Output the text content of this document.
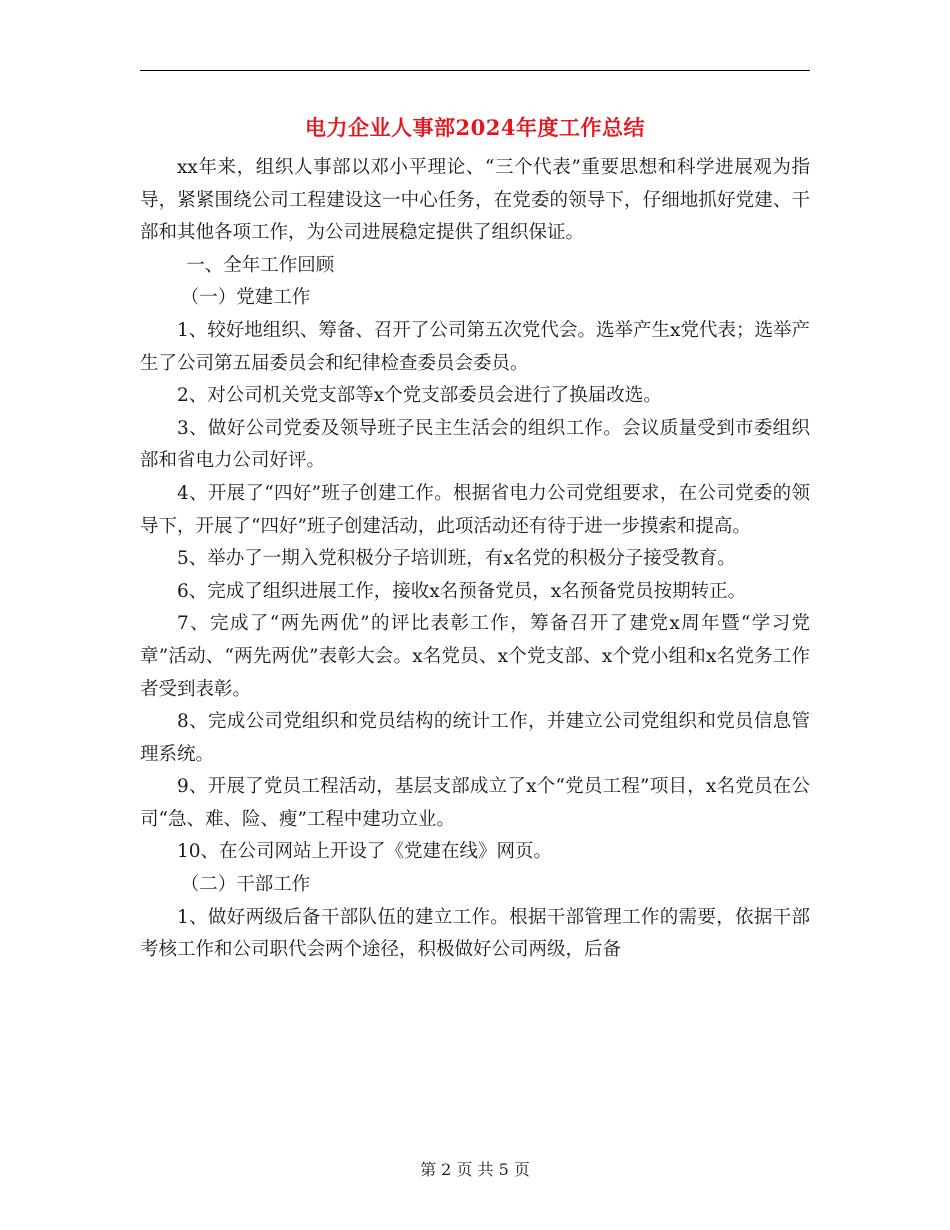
电力企业人事部2024年度工作总结

xx年来，组织人事部以邓小平理论、“三个代表”重要思想和科学进展观为指导，紧紧围绕公司工程建设这一中心任务，在党委的领导下，仔细地抓好党建、干部和其他各项工作，为公司进展稳定提供了组织保证。

一、全年工作回顾

（一）党建工作

1、较好地组织、筹备、召开了公司第五次党代会。选举产生x党代表；选举产生了公司第五届委员会和纪律检查委员会委员。

2、对公司机关党支部等x个党支部委员会进行了换届改选。

3、做好公司党委及领导班子民主生活会的组织工作。会议质量受到市委组织部和省电力公司好评。

4、开展了“四好”班子创建工作。根据省电力公司党组要求，在公司党委的领导下，开展了“四好”班子创建活动，此项活动还有待于进一步摸索和提高。

5、举办了一期入党积极分子培训班，有x名党的积极分子接受教育。

6、完成了组织进展工作，接收x名预备党员，x名预备党员按期转正。

7、完成了“两先两优”的评比表彰工作，筹备召开了建党x周年暨“学习党章”活动、“两先两优”表彰大会。x名党员、x个党支部、x个党小组和x名党务工作者受到表彰。

8、完成公司党组织和党员结构的统计工作，并建立公司党组织和党员信息管理系统。

9、开展了党员工程活动，基层支部成立了x个“党员工程”项目，x名党员在公司“急、难、险、瘦”工程中建功立业。

10、在公司网站上开设了《党建在线》网页。

（二）干部工作

1、做好两级后备干部队伍的建立工作。根据干部管理工作的需要，依据干部考核工作和公司职代会两个途径，积极做好公司两级，后备

第 2 页 共 5 页
